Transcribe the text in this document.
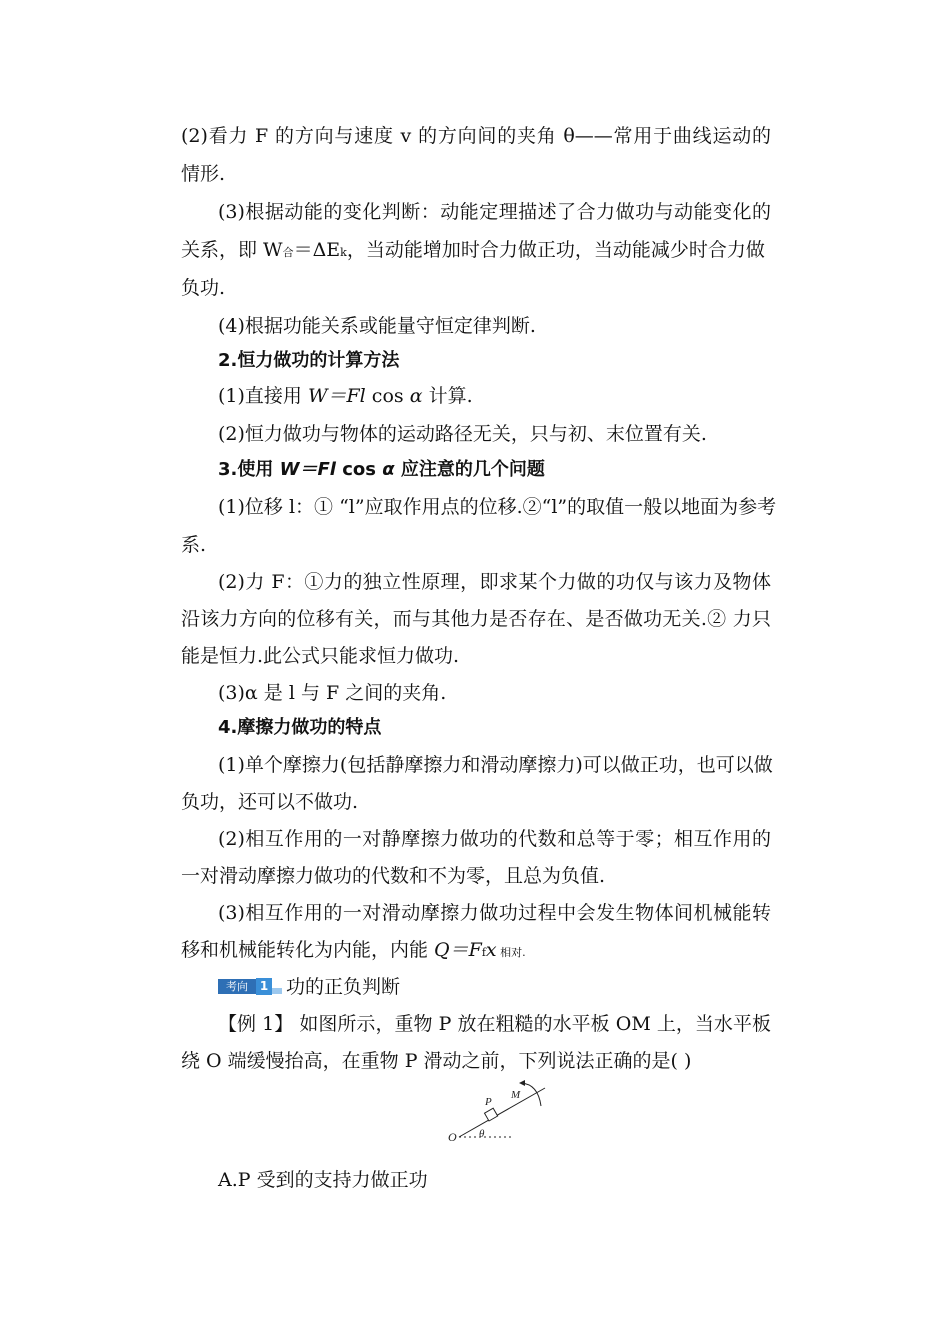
(2)看力 F 的方向与速度 v 的方向间的夹角 θ——常用于曲线运动的
情形.
(3)根据动能的变化判断：动能定理描述了合力做功与动能变化的
关系，即 W合＝ΔEk，当动能增加时合力做正功，当动能减少时合力做
负功.
(4)根据功能关系或能量守恒定律判断.
2.恒力做功的计算方法
(1)直接用 W＝Fl cos α 计算.
(2)恒力做功与物体的运动路径无关，只与初、末位置有关.
3.使用 W＝Fl cos α 应注意的几个问题
(1)位移 l：① “l”应取作用点的位移.②“l”的取值一般以地面为参考
系.
(2)力 F：①力的独立性原理，即求某个力做的功仅与该力及物体
沿该力方向的位移有关，而与其他力是否存在、是否做功无关.② 力只
能是恒力.此公式只能求恒力做功.
(3)α 是 l 与 F 之间的夹角.
4.摩擦力做功的特点
(1)单个摩擦力(包括静摩擦力和滑动摩擦力)可以做正功，也可以做
负功，还可以不做功.
(2)相互作用的一对静摩擦力做功的代数和总等于零；相互作用的
一对滑动摩擦力做功的代数和不为零，且总为负值.
(3)相互作用的一对滑动摩擦力做功过程中会发生物体间机械能转
移和机械能转化为内能，内能 Q＝Ffx 相对.
考向 1 功的正负判断
【例 1】 如图所示，重物 P 放在粗糙的水平板 OM 上，当水平板
绕 O 端缓慢抬高，在重物 P 滑动之前，下列说法正确的是( )
O θ
P
M
A.P 受到的支持力做正功
